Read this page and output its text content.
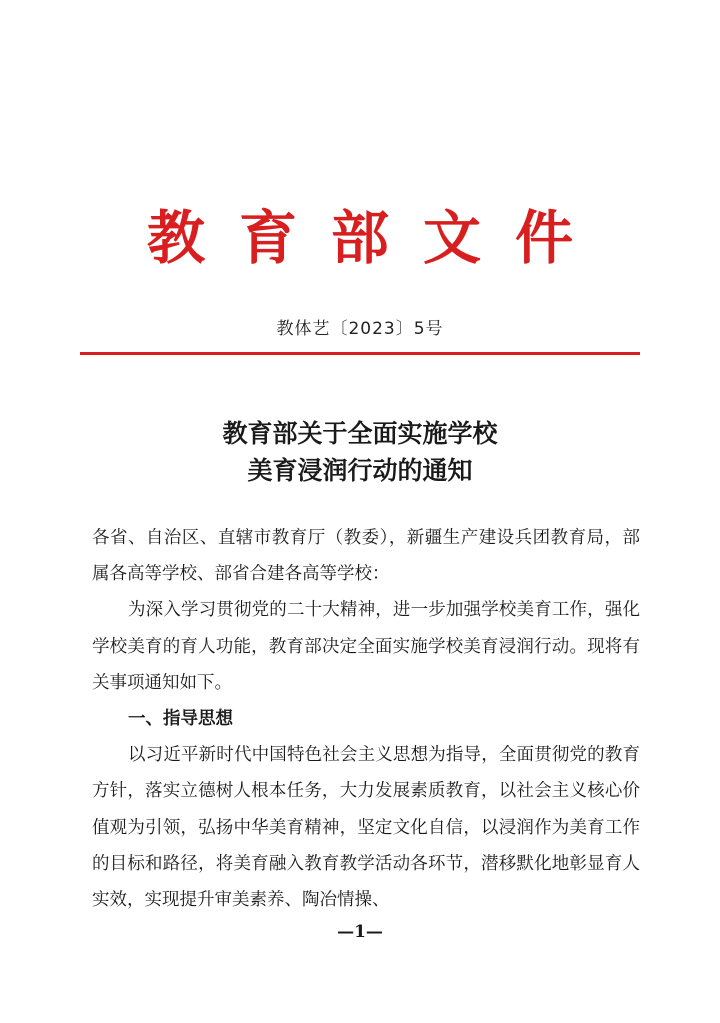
教育部文件
教体艺〔2023〕5号
教育部关于全面实施学校
美育浸润行动的通知

各省、自治区、直辖市教育厅（教委），新疆生产建设兵团教育局，部属各高等学校、部省合建各高等学校：

为深入学习贯彻党的二十大精神，进一步加强学校美育工作，强化学校美育的育人功能，教育部决定全面实施学校美育浸润行动。现将有关事项通知如下。

一、指导思想

以习近平新时代中国特色社会主义思想为指导，全面贯彻党的教育方针，落实立德树人根本任务，大力发展素质教育，以社会主义核心价值观为引领，弘扬中华美育精神，坚定文化自信，以浸润作为美育工作的目标和路径，将美育融入教育教学活动各环节，潜移默化地彰显育人实效，实现提升审美素养、陶冶情操、

—1—
